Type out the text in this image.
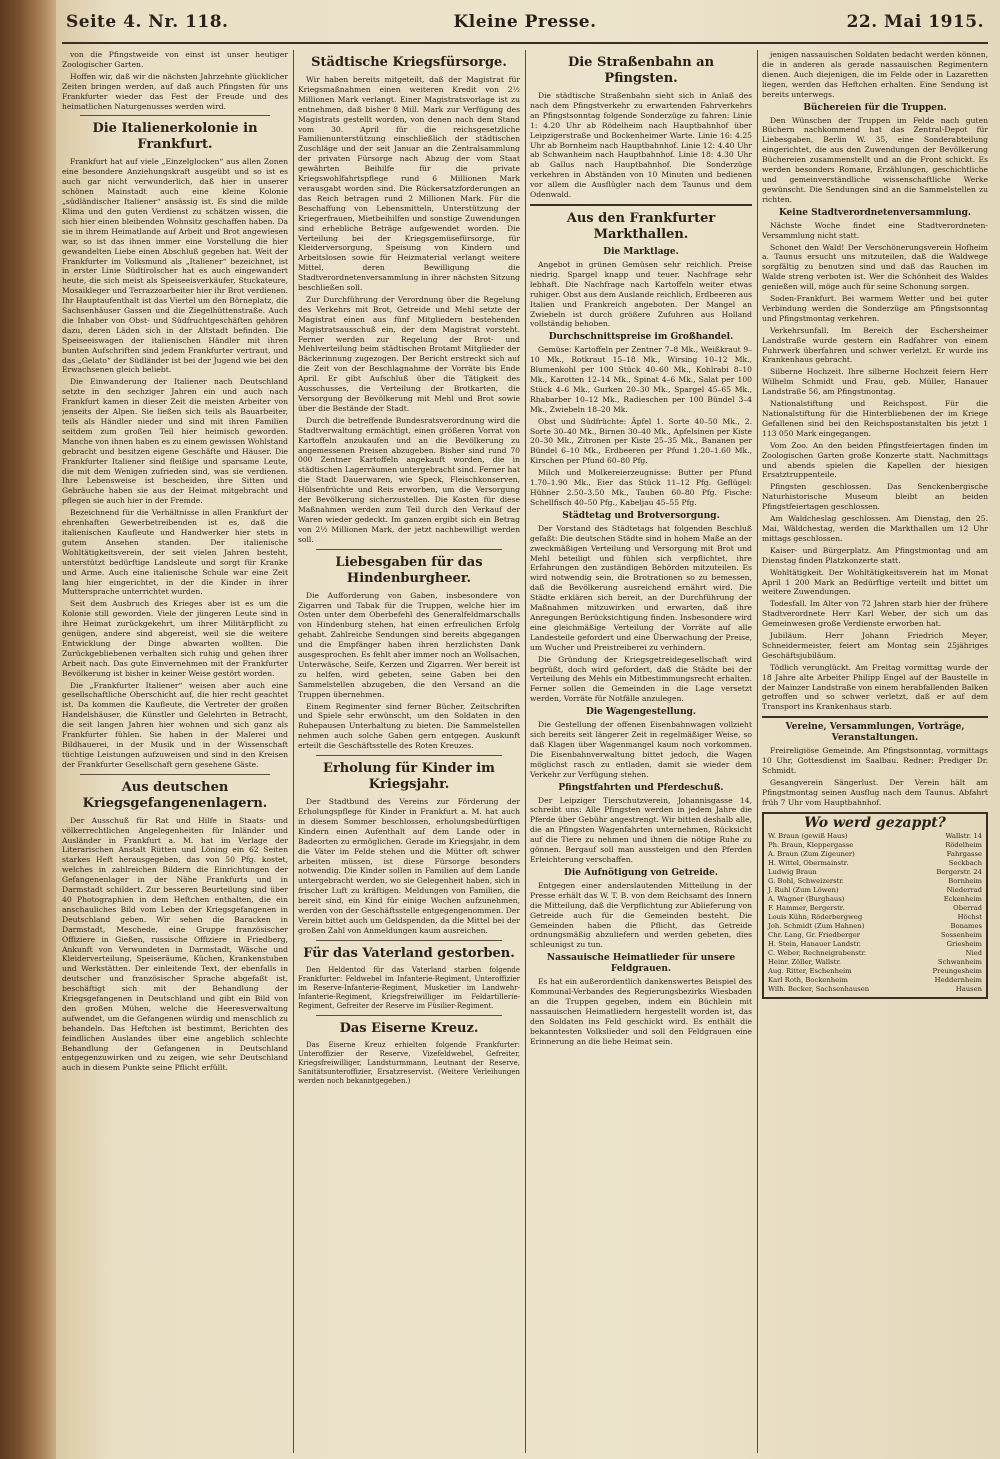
Seite 4. Nr. 118.	Kleine Presse.	22. Mai 1915.

von die Pfingstweide von einst ist unser heutiger Zoologischer Garten.

Hoffen wir, daß wir die nächsten Jahrzehnte glücklicher Zeiten bringen werden, auf daß auch Pfingsten für uns Frankfurter wieder das Fest der Freude und des heimatlichen Naturgenusses werden wird.

Die Italienerkolonie in Frankfurt.

Frankfurt hat auf viele „Einzelglocken“ aus allen Zonen eine besondere Anziehungskraft ausgeübt und so ist es auch gar nicht verwunderlich, daß hier in unserer schönen Mainstadt auch eine kleine Kolonie „südländischer Italiener“ ansässig ist. Es sind die milde Klima und den guten Verdienst zu schätzen wissen, die sich hier einen bleibenden Wohnsitz geschaffen haben. Da sie in ihrem Heimatlande auf Arbeit und Brot angewiesen war, so ist das ihnen immer eine Vorstellung die hier gewandelten Liebe einen Abschluß gegeben hat. Weit der Frankfurter im Volksmund als „Italiener“ bezeichnet, ist in erster Linie Südtirolscher hat es auch eingewandert heute, die sich meist als Speiseeisverkäufer, Stuckateure, Mosaikleger und Terrazzoarbeiter hier ihr Brot verdienen. Ihr Hauptaufenthalt ist das Viertel um den Börneplatz, die Sachsenhäuser Gassen und die Ziegelhüttenstraße. Auch die Inhaber von Obst- und Südfruchtgeschäften gehören dazu, deren Läden sich in der Altstadt befinden. Die Speiseeiswagen der italienischen Händler mit ihren bunten Aufschriften sind jedem Frankfurter vertraut, und das „Gelato“ der Südländer ist bei der Jugend wie bei den Erwachsenen gleich beliebt.

Die Einwanderung der Italiener nach Deutschland setzte in den sechziger Jahren ein und auch nach Frankfurt kamen in dieser Zeit die meisten Arbeiter von jenseits der Alpen. Sie ließen sich teils als Bauarbeiter, teils als Händler nieder und sind mit ihren Familien seitdem zum großen Teil hier heimisch geworden. Manche von ihnen haben es zu einem gewissen Wohlstand gebracht und besitzen eigene Geschäfte und Häuser. Die Frankfurter Italiener sind fleißige und sparsame Leute, die mit dem Wenigen zufrieden sind, was sie verdienen. Ihre Lebensweise ist bescheiden, ihre Sitten und Gebräuche haben sie aus der Heimat mitgebracht und pflegen sie auch hier in der Fremde.

Bezeichnend für die Verhältnisse in allen Frankfurt der ehrenhaften Gewerbetreibenden ist es, daß die italienischen Kaufleute und Handwerker hier stets in gutem Ansehen standen. Der italienische Wohltätigkeitsverein, der seit vielen Jahren besteht, unterstützt bedürftige Landsleute und sorgt für Kranke und Arme. Auch eine italienische Schule war eine Zeit lang hier eingerichtet, in der die Kinder in ihrer Muttersprache unterrichtet wurden.

Seit dem Ausbruch des Krieges aber ist es um die Kolonie still geworden. Viele der jüngeren Leute sind in ihre Heimat zurückgekehrt, um ihrer Militärpflicht zu genügen, andere sind abgereist, weil sie die weitere Entwicklung der Dinge abwarten wollten. Die Zurückgebliebenen verhalten sich ruhig und gehen ihrer Arbeit nach. Das gute Einvernehmen mit der Frankfurter Bevölkerung ist bisher in keiner Weise gestört worden.

Die „Frankfurter Italiener“ weisen aber auch eine gesellschaftliche Oberschicht auf, die hier recht geachtet ist. Da kommen die Kaufleute, die Vertreter der großen Handelshäuser, die Künstler und Gelehrten in Betracht, die seit langen Jahren hier wohnen und sich ganz als Frankfurter fühlen. Sie haben in der Malerei und Bildhauerei, in der Musik und in der Wissenschaft tüchtige Leistungen aufzuweisen und sind in den Kreisen der Frankfurter Gesellschaft gern gesehene Gäste.

Aus deutschen Kriegsgefangenenlagern.

Der Ausschuß für Rat und Hilfe in Staats- und völkerrechtlichen Angelegenheiten für Inländer und Ausländer in Frankfurt a. M. hat im Verlage der Literarischen Anstalt Rütten und Löning ein 62 Seiten starkes Heft herausgegeben, das von 50 Pfg. kostet, welches in zahlreichen Bildern die Einrichtungen der Gefangenenlager in der Nähe Frankfurts und in Darmstadt schildert. Zur besseren Beurteilung sind über 40 Photographien in dem Heftchen enthalten, die ein anschauliches Bild vom Leben der Kriegsgefangenen in Deutschland geben. Wir sehen die Baracken in Darmstadt, Meschede, eine Gruppe französischer Offiziere in Gießen, russische Offiziere in Friedberg, Ankunft von Verwundeten in Darmstadt, Wäsche und Kleiderverteilung, Speiseräume, Küchen, Krankenstuben und Werkstätten. Der einleitende Text, der ebenfalls in deutscher und französischer Sprache abgefaßt ist, beschäftigt sich mit der Behandlung der Kriegsgefangenen in Deutschland und gibt ein Bild von den großen Mühen, welche die Heeresverwaltung aufwendet, um die Gefangenen würdig und menschlich zu behandeln. Das Heftchen ist bestimmt, Berichten des feindlichen Auslandes über eine angeblich schlechte Behandlung der Gefangenen in Deutschland entgegenzuwirken und zu zeigen, wie sehr Deutschland auch in diesem Punkte seine Pflicht erfüllt.

Städtische Kriegsfürsorge.

Wir haben bereits mitgeteilt, daß der Magistrat für Kriegsmaßnahmen einen weiteren Kredit von 2½ Millionen Mark verlangt. Einer Magistratsvorlage ist zu entnehmen, daß bisher 8 Mill. Mark zur Verfügung des Magistrats gestellt worden, von denen nach dem Stand vom 30. April für die reichsgesetzliche Familienunterstützung einschließlich der städtischen Zuschläge und der seit Januar an die Zentralsammlung der privaten Fürsorge nach Abzug der vom Staat gewährten Beihilfe für die private Kriegswohlfahrtspflege rund 6 Millionen Mark verausgabt worden sind. Die Rückersatzforderungen an das Reich betragen rund 2 Millionen Mark. Für die Beschaffung von Lebensmitteln, Unterstützung der Kriegerfrauen, Mietbeihilfen und sonstige Zuwendungen sind erhebliche Beträge aufgewendet worden. Die Verteilung bei der Kriegsgemüsefürsorge, für Kleiderversorgung, Speisung von Kindern und Arbeitslosen sowie für Heizmaterial verlangt weitere Mittel, deren Bewilligung die Stadtverordnetenversammlung in ihrer nächsten Sitzung beschließen soll.

Zur Durchführung der Verordnung über die Regelung des Verkehrs mit Brot, Getreide und Mehl setzte der Magistrat einen aus fünf Mitgliedern bestehenden Magistratsausschuß ein, der dem Magistrat vorsteht. Ferner werden zur Regelung der Brot- und Mehlverteilung beim städtischen Brotamt Mitglieder der Bäckerinnung zugezogen. Der Bericht erstreckt sich auf die Zeit von der Beschlagnahme der Vorräte bis Ende April. Er gibt Aufschluß über die Tätigkeit des Ausschusses, die Verteilung der Brotkarten, die Versorgung der Bevölkerung mit Mehl und Brot sowie über die Bestände der Stadt.

Durch die betreffende Bundesratsverordnung wird die Stadtverwaltung ermächtigt, einen größeren Vorrat von Kartoffeln anzukaufen und an die Bevölkerung zu angemessenen Preisen abzugeben. Bisher sind rund 70 000 Zentner Kartoffeln angekauft worden, die in städtischen Lagerräumen untergebracht sind. Ferner hat die Stadt Dauerwaren, wie Speck, Fleischkonserven, Hülsenfrüchte und Reis erworben, um die Versorgung der Bevölkerung sicherzustellen. Die Kosten für diese Maßnahmen werden zum Teil durch den Verkauf der Waren wieder gedeckt. Im ganzen ergibt sich ein Betrag von 2½ Millionen Mark, der jetzt nachbewilligt werden soll.

Liebesgaben für das Hindenburgheer.

Die Aufforderung von Gaben, insbesondere von Zigarren und Tabak für die Truppen, welche hier im Osten unter dem Oberbefehl des Generalfeldmarschalls von Hindenburg stehen, hat einen erfreulichen Erfolg gehabt. Zahlreiche Sendungen sind bereits abgegangen und die Empfänger haben ihren herzlichsten Dank ausgesprochen. Es fehlt aber immer noch an Wollsachen, Unterwäsche, Seife, Kerzen und Zigarren. Wer bereit ist zu helfen, wird gebeten, seine Gaben bei den Sammelstellen abzugeben, die den Versand an die Truppen übernehmen.

Einem Regimenter sind ferner Bücher, Zeitschriften und Spiele sehr erwünscht, um den Soldaten in den Ruhepausen Unterhaltung zu bieten. Die Sammelstellen nehmen auch solche Gaben gern entgegen. Auskunft erteilt die Geschäftsstelle des Roten Kreuzes.

Erholung für Kinder im Kriegsjahr.

Der Stadtbund des Vereins zur Förderung der Erholungspflege für Kinder in Frankfurt a. M. hat auch in diesem Sommer beschlossen, erholungsbedürftigen Kindern einen Aufenthalt auf dem Lande oder in Badeorten zu ermöglichen. Gerade im Kriegsjahr, in dem die Väter im Felde stehen und die Mütter oft schwer arbeiten müssen, ist diese Fürsorge besonders notwendig. Die Kinder sollen in Familien auf dem Lande untergebracht werden, wo sie Gelegenheit haben, sich in frischer Luft zu kräftigen. Meldungen von Familien, die bereit sind, ein Kind für einige Wochen aufzunehmen, werden von der Geschäftsstelle entgegengenommen. Der Verein bittet auch um Geldspenden, da die Mittel bei der großen Zahl von Anmeldungen kaum ausreichen.

Für das Vaterland gestorben.

Den Heldentod für das Vaterland starben folgende Frankfurter: Feldwebel im Infanterie-Regiment, Unteroffizier im Reserve-Infanterie-Regiment, Musketier im Landwehr-Infanterie-Regiment, Kriegsfreiwilliger im Feldartillerie-Regiment, Gefreiter der Reserve im Füsilier-Regiment.

Das Eiserne Kreuz.

Das Eiserne Kreuz erhielten folgende Frankfurter: Unteroffizier der Reserve, Vizefeldwebel, Gefreiter, Kriegsfreiwilliger, Landsturmmann, Leutnant der Reserve, Sanitätsunteroffizier, Ersatzreservist. (Weitere Verleihungen werden noch bekanntgegeben.)

Die Straßenbahn an Pfingsten.

Die städtische Straßenbahn sieht sich in Anlaß des nach dem Pfingstverkehr zu erwartenden Fahrverkehrs an Pfingstsonntag folgende Sonderzüge zu fahren: Linie 1: 4.20 Uhr ab Rödelheim nach Hauptbahnhof über Leipzigerstraße und Bockenheimer Warte. Linie 16: 4.25 Uhr ab Bornheim nach Hauptbahnhof. Linie 12: 4.40 Uhr ab Schwanheim nach Hauptbahnhof. Linie 18: 4.30 Uhr ab Gallus nach Hauptbahnhof. Die Sonderzüge verkehren in Abständen von 10 Minuten und bedienen vor allem die Ausflügler nach dem Taunus und dem Odenwald.

Aus den Frankfurter Markthallen.
Die Marktlage.

Angebot in grünen Gemüsen sehr reichlich. Preise niedrig. Spargel knapp und teuer. Nachfrage sehr lebhaft. Die Nachfrage nach Kartoffeln weiter etwas ruhiger. Obst aus dem Auslande reichlich, Erdbeeren aus Italien und Frankreich angeboten. Der Mangel an Zwiebeln ist durch größere Zufuhren aus Holland vollständig behoben.

Durchschnittspreise im Großhandel.

Gemüse: Kartoffeln per Zentner 7–8 Mk., Weißkraut 9–10 Mk., Rotkraut 15–18 Mk., Wirsing 10–12 Mk., Blumenkohl per 100 Stück 40–60 Mk., Kohlrabi 8–10 Mk., Karotten 12–14 Mk., Spinat 4–6 Mk., Salat per 100 Stück 4–6 Mk., Gurken 20–30 Mk., Spargel 45–65 Mk., Rhabarber 10–12 Mk., Radieschen per 100 Bündel 3–4 Mk., Zwiebeln 18–20 Mk.

Obst und Südfrüchte: Äpfel 1. Sorte 40–50 Mk., 2. Sorte 30–40 Mk., Birnen 30–40 Mk., Apfelsinen per Kiste 20–30 Mk., Zitronen per Kiste 25–35 Mk., Bananen per Bündel 6–10 Mk., Erdbeeren per Pfund 1.20–1.60 Mk., Kirschen per Pfund 60–80 Pfg.

Milch und Molkereierzeugnisse: Butter per Pfund 1.70–1.90 Mk., Eier das Stück 11–12 Pfg. Geflügel: Hühner 2.50–3.50 Mk., Tauben 60–80 Pfg. Fische: Schellfisch 40–50 Pfg., Kabeljau 45–55 Pfg.

Städtetag und Brotversorgung.

Der Vorstand des Städtetags hat folgenden Beschluß gefaßt: Die deutschen Städte sind in hohem Maße an der zweckmäßigen Verteilung und Versorgung mit Brot und Mehl beteiligt und fühlen sich verpflichtet, ihre Erfahrungen den zuständigen Behörden mitzuteilen. Es wird notwendig sein, die Brotrationen so zu bemessen, daß die Bevölkerung ausreichend ernährt wird. Die Städte erklären sich bereit, an der Durchführung der Maßnahmen mitzuwirken und erwarten, daß ihre Anregungen Berücksichtigung finden. Insbesondere wird eine gleichmäßige Verteilung der Vorräte auf alle Landesteile gefordert und eine Überwachung der Preise, um Wucher und Preistreiberei zu verhindern.

Die Gründung der Kriegsgetreidegesellschaft wird begrüßt, doch wird gefordert, daß die Städte bei der Verteilung des Mehls ein Mitbestimmungsrecht erhalten. Ferner sollen die Gemeinden in die Lage versetzt werden, Vorräte für Notfälle anzulegen.

Die Wagengestellung.

Die Gestellung der offenen Eisenbahnwagen vollzieht sich bereits seit längerer Zeit in regelmäßiger Weise, so daß Klagen über Wagenmangel kaum noch vorkommen. Die Eisenbahnverwaltung bittet jedoch, die Wagen möglichst rasch zu entladen, damit sie wieder dem Verkehr zur Verfügung stehen.

Pfingstfahrten und Pferdeschuß.

Der Leipziger Tierschutzverein, Johannisgasse 14, schreibt uns: Alle Pfingsten werden in jedem Jahre die Pferde über Gebühr angestrengt. Wir bitten deshalb alle, die an Pfingsten Wagenfahrten unternehmen, Rücksicht auf die Tiere zu nehmen und ihnen die nötige Ruhe zu gönnen. Bergauf soll man aussteigen und den Pferden Erleichterung verschaffen.

Die Aufnötigung von Getreide.

Entgegen einer anderslautenden Mitteilung in der Presse erhält das W. T. B. von dem Reichsamt des Innern die Mitteilung, daß die Verpflichtung zur Ablieferung von Getreide auch für die Gemeinden besteht. Die Gemeinden haben die Pflicht, das Getreide ordnungsmäßig abzuliefern und werden gebeten, dies schleunigst zu tun.

Nassauische Heimatlieder für unsere Feldgrauen.

Es hat ein außerordentlich dankenswertes Beispiel des Kommunal-Verbandes des Regierungsbezirks Wiesbaden an die Truppen gegeben, indem ein Büchlein mit nassauischen Heimatliedern hergestellt worden ist, das den Soldaten ins Feld geschickt wird. Es enthält die bekanntesten Volkslieder und soll den Feldgrauen eine Erinnerung an die liebe Heimat sein.

jenigen nassauischen Soldaten bedacht werden können, die in anderen als gerade nassauischen Regimentern dienen. Auch diejenigen, die im Felde oder in Lazaretten liegen, werden das Heftchen erhalten. Eine Sendung ist bereits unterwegs.

Büchereien für die Truppen.

Den Wünschen der Truppen im Felde nach guten Büchern nachkommend hat das Zentral-Depot für Liebesgaben, Berlin W. 35, eine Sonderabteilung eingerichtet, die aus den Zuwendungen der Bevölkerung Büchereien zusammenstellt und an die Front schickt. Es werden besonders Romane, Erzählungen, geschichtliche und gemeinverständliche wissenschaftliche Werke gewünscht. Die Sendungen sind an die Sammelstellen zu richten.

Keine Stadtverordnetenversammlung.

Nächste Woche findet eine Stadtverordneten-Versammlung nicht statt.

Schonet den Wald! Der Verschönerungsverein Hofheim a. Taunus ersucht uns mitzuteilen, daß die Waldwege sorgfältig zu benutzen sind und daß das Rauchen im Walde streng verboten ist. Wer die Schönheit des Waldes genießen will, möge auch für seine Schonung sorgen.

Soden-Frankfurt. Bei warmem Wetter und bei guter Verbindung werden die Sonderzüge am Pfingstsonntag und Pfingstmontag verkehren.

Verkehrsunfall. Im Bereich der Eschersheimer Landstraße wurde gestern ein Radfahrer von einem Fuhrwerk überfahren und schwer verletzt. Er wurde ins Krankenhaus gebracht.

Silberne Hochzeit. Ihre silberne Hochzeit feiern Herr Wilhelm Schmidt und Frau, geb. Müller, Hanauer Landstraße 56, am Pfingstmontag.

Nationalstiftung und Reichspost. Für die Nationalstiftung für die Hinterbliebenen der im Kriege Gefallenen sind bei den Reichspostanstalten bis jetzt 1 113 050 Mark eingegangen.

Vom Zoo. An den beiden Pfingstfeiertagen finden im Zoologischen Garten große Konzerte statt. Nachmittags und abends spielen die Kapellen der hiesigen Ersatztruppenteile.

Pfingsten geschlossen. Das Senckenbergische Naturhistorische Museum bleibt an beiden Pfingstfeiertagen geschlossen.

Am Waldcheslag geschlossen. Am Dienstag, den 25. Mai, Wäldchestag, werden die Markthallen um 12 Uhr mittags geschlossen.

Kaiser- und Bürgerplatz. Am Pfingstmontag und am Dienstag finden Platzkonzerte statt.

Wohltätigkeit. Der Wohltätigkeitsverein hat im Monat April 1 200 Mark an Bedürftige verteilt und bittet um weitere Zuwendungen.

Todesfall. Im Alter von 72 Jahren starb hier der frühere Stadtverordnete Herr Karl Weber, der sich um das Gemeinwesen große Verdienste erworben hat.

Jubiläum. Herr Johann Friedrich Meyer, Schneidermeister, feiert am Montag sein 25jähriges Geschäftsjubiläum.

Tödlich verunglückt. Am Freitag vormittag wurde der 18 Jahre alte Arbeiter Philipp Engel auf der Baustelle in der Mainzer Landstraße von einem herabfallenden Balken getroffen und so schwer verletzt, daß er auf dem Transport ins Krankenhaus starb.

Vereine, Versammlungen, Vorträge, Veranstaltungen.

Freireligiöse Gemeinde. Am Pfingstsonntag, vormittags 10 Uhr, Gottesdienst im Saalbau. Redner: Prediger Dr. Schmidt.

Gesangverein Sängerlust. Der Verein hält am Pfingstmontag seinen Ausflug nach dem Taunus. Abfahrt früh 7 Uhr vom Hauptbahnhof.

Wo werd gezappt?
W. Braun (gewiß Haus)	Wallstr. 14
Ph. Braun, Kleppergasse	Rödelheim
A. Braun (Zum Zigeuner)	Fahrgasse
H. Wittel, Obermainstr.	Seckbach
Ludwig Braun	Bergerstr. 24
G. Bohl, Schweizerstr.	Bornheim
J. Ruhl (Zum Löwen)	Niederrad
A. Wagner (Burghaus)	Eckenheim
F. Hammer, Bergerstr.	Oberrad
Louis Kühn, Röderbergweg	Höchst
Joh. Schmidt (Zum Hahnen)	Bonames
Chr. Lang, Gr. Friedberger	Sossenheim
H. Stein, Hanauer Landstr.	Griesheim
C. Weber, Rechneigrabenstr.	Nied
Heinr. Zöller, Wallstr.	Schwanheim
Aug. Ritter, Eschenheim	Preungesheim
Karl Roth, Bockenheim	Heddernheim
Wilh. Becker, Sachsenhausen	Hausen
